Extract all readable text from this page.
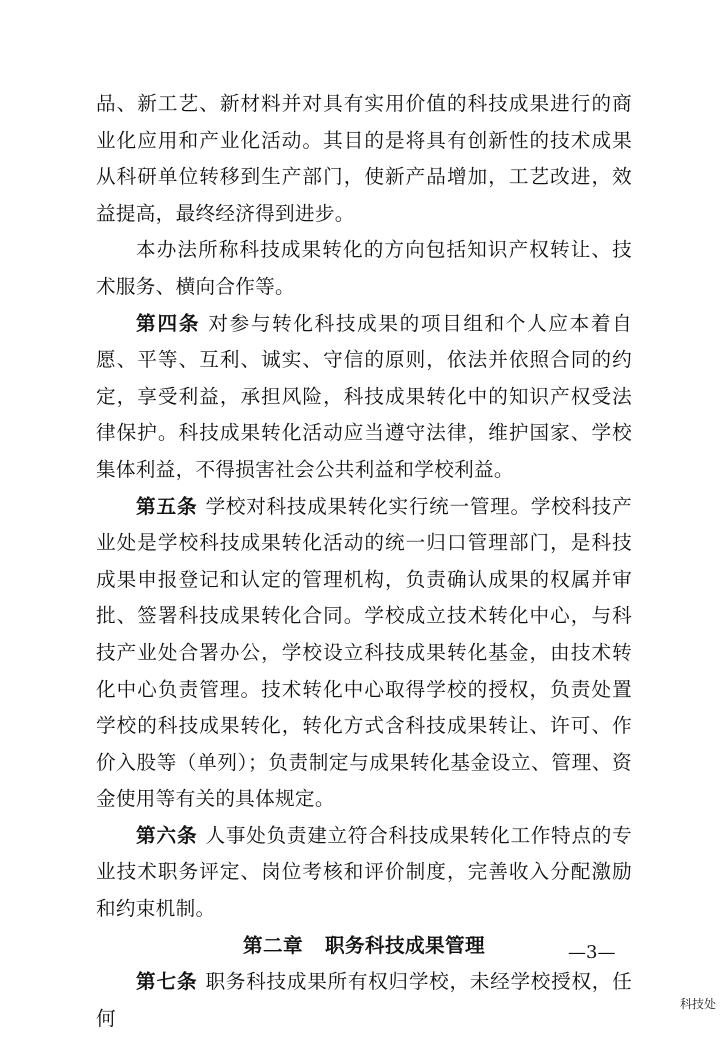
品、新工艺、新材料并对具有实用价值的科技成果进行的商业化应用和产业化活动。其目的是将具有创新性的技术成果从科研单位转移到生产部门，使新产品增加，工艺改进，效益提高，最终经济得到进步。

本办法所称科技成果转化的方向包括知识产权转让、技术服务、横向合作等。

第四条 对参与转化科技成果的项目组和个人应本着自愿、平等、互利、诚实、守信的原则，依法并依照合同的约定，享受利益，承担风险，科技成果转化中的知识产权受法律保护。科技成果转化活动应当遵守法律，维护国家、学校集体利益，不得损害社会公共利益和学校利益。

第五条 学校对科技成果转化实行统一管理。学校科技产业处是学校科技成果转化活动的统一归口管理部门，是科技成果申报登记和认定的管理机构，负责确认成果的权属并审批、签署科技成果转化合同。学校成立技术转化中心，与科技产业处合署办公，学校设立科技成果转化基金，由技术转化中心负责管理。技术转化中心取得学校的授权，负责处置学校的科技成果转化，转化方式含科技成果转让、许可、作价入股等（单列）；负责制定与成果转化基金设立、管理、资金使用等有关的具体规定。

第六条 人事处负责建立符合科技成果转化工作特点的专业技术职务评定、岗位考核和评价制度，完善收入分配激励和约束机制。

第二章 职务科技成果管理

第七条 职务科技成果所有权归学校，未经学校授权，任何

—3—
科技处
